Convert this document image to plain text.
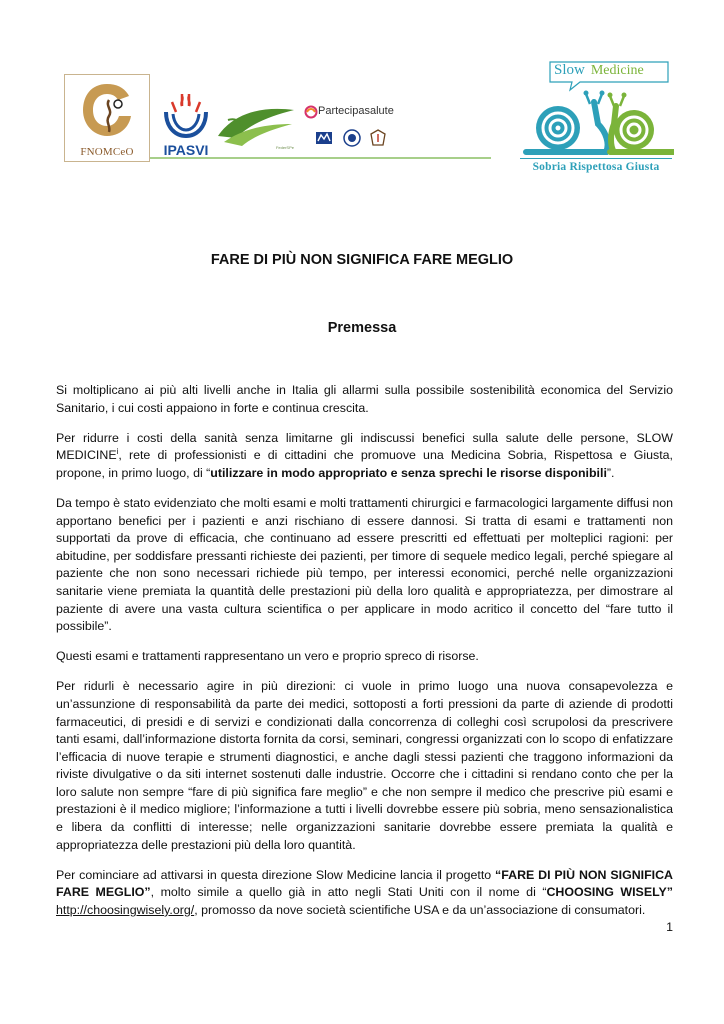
FNOMCeO	IPASVI	FederSPe
Partecipasalute
Slow Medicine
Sobria Rispettosa Giusta
FARE DI PIÙ NON SIGNIFICA FARE MEGLIO
Premessa

Si moltiplicano ai più alti livelli anche in Italia gli allarmi sulla possibile sostenibilità economica del Servizio Sanitario, i cui costi appaiono in forte e continua crescita.

Per ridurre i costi della sanità senza limitarne gli indiscussi benefici sulla salute delle persone, SLOW MEDICINE$^i$, rete di professionisti e di cittadini che promuove una Medicina Sobria, Rispettosa e Giusta, propone, in primo luogo, di “utilizzare in modo appropriato e senza sprechi le risorse disponibili”.

Da tempo è stato evidenziato che molti esami e molti trattamenti chirurgici e farmacologici largamente diffusi non apportano benefici per i pazienti e anzi rischiano di essere dannosi. Si tratta di esami e trattamenti non supportati da prove di efficacia, che continuano ad essere prescritti ed effettuati per molteplici ragioni: per abitudine, per soddisfare pressanti richieste dei pazienti, per timore di sequele medico legali, perché spiegare al paziente che non sono necessari richiede più tempo, per interessi economici, perché nelle organizzazioni sanitarie viene premiata la quantità delle prestazioni più della loro qualità e appropriatezza, per dimostrare al paziente di avere una vasta cultura scientifica o per applicare in modo acritico il concetto del “fare tutto il possibile”.

Questi esami e trattamenti rappresentano un vero e proprio spreco di risorse.

Per ridurli è necessario agire in più direzioni: ci vuole in primo luogo una nuova consapevolezza e un’assunzione di responsabilità da parte dei medici, sottoposti a forti pressioni da parte di aziende di prodotti farmaceutici, di presidi e di servizi e condizionati dalla concorrenza di colleghi così scrupolosi da prescrivere tanti esami, dall’informazione distorta fornita da corsi, seminari, congressi organizzati con lo scopo di enfatizzare l’efficacia di nuove terapie e strumenti diagnostici, e anche dagli stessi pazienti che traggono informazioni da riviste divulgative o da siti internet sostenuti dalle industrie. Occorre che i cittadini si rendano conto che per la loro salute non sempre “fare di più significa fare meglio” e che non sempre il medico che prescrive più esami e prestazioni è il medico migliore; l’informazione a tutti i livelli dovrebbe essere più sobria, meno sensazionalistica e libera da conflitti di interesse; nelle organizzazioni sanitarie dovrebbe essere premiata la qualità e appropriatezza delle prestazioni più della loro quantità.

Per cominciare ad attivarsi in questa direzione Slow Medicine lancia il progetto “FARE DI PIÙ NON SIGNIFICA FARE MEGLIO”, molto simile a quello già in atto negli Stati Uniti con il nome di “CHOOSING WISELY” http://choosingwisely.org/, promosso da nove società scientifiche USA e da un’associazione di consumatori.

1
